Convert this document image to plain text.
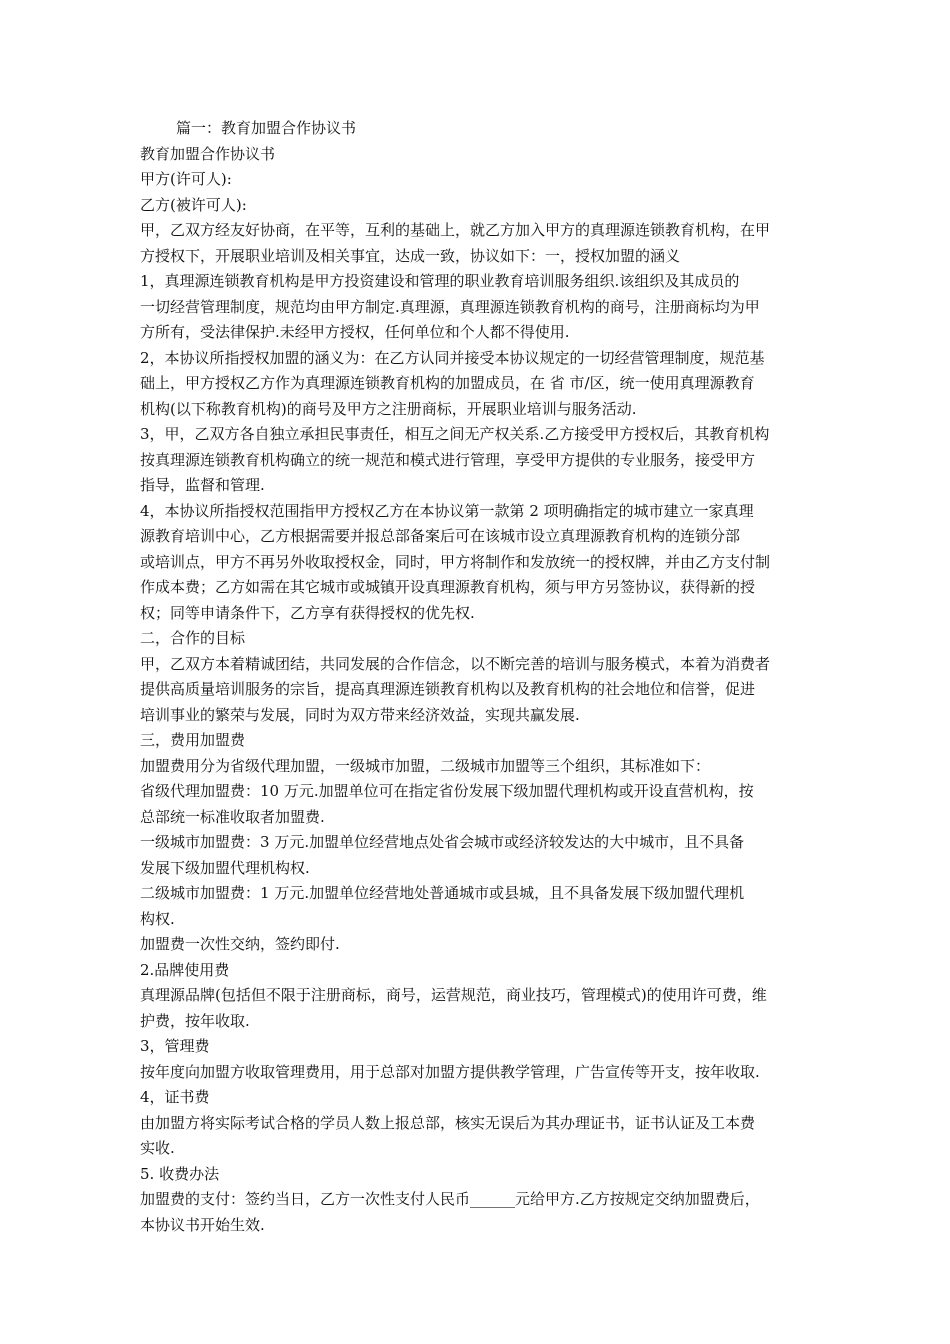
篇一：教育加盟合作协议书
教育加盟合作协议书
甲方(许可人):
乙方(被许可人):
甲，乙双方经友好协商，在平等，互利的基础上，就乙方加入甲方的真理源连锁教育机构，在甲
方授权下，开展职业培训及相关事宜，达成一致，协议如下：一，授权加盟的涵义
1，真理源连锁教育机构是甲方投资建设和管理的职业教育培训服务组织.该组织及其成员的
一切经营管理制度，规范均由甲方制定.真理源，真理源连锁教育机构的商号，注册商标均为甲
方所有，受法律保护.未经甲方授权，任何单位和个人都不得使用.
2，本协议所指授权加盟的涵义为：在乙方认同并接受本协议规定的一切经营管理制度，规范基
础上，甲方授权乙方作为真理源连锁教育机构的加盟成员，在 省 市/区，统一使用真理源教育
机构(以下称教育机构)的商号及甲方之注册商标，开展职业培训与服务活动.
3，甲，乙双方各自独立承担民事责任，相互之间无产权关系.乙方接受甲方授权后，其教育机构
按真理源连锁教育机构确立的统一规范和模式进行管理，享受甲方提供的专业服务，接受甲方
指导，监督和管理.
4，本协议所指授权范围指甲方授权乙方在本协议第一款第 2 项明确指定的城市建立一家真理
源教育培训中心，乙方根据需要并报总部备案后可在该城市设立真理源教育机构的连锁分部
或培训点，甲方不再另外收取授权金，同时，甲方将制作和发放统一的授权牌，并由乙方支付制
作成本费；乙方如需在其它城市或城镇开设真理源教育机构，须与甲方另签协议，获得新的授
权；同等申请条件下，乙方享有获得授权的优先权.
二，合作的目标
甲，乙双方本着精诚团结，共同发展的合作信念，以不断完善的培训与服务模式，本着为消费者
提供高质量培训服务的宗旨，提高真理源连锁教育机构以及教育机构的社会地位和信誉，促进
培训事业的繁荣与发展，同时为双方带来经济效益，实现共赢发展.
三，费用加盟费
加盟费用分为省级代理加盟，一级城市加盟，二级城市加盟等三个组织，其标准如下：
省级代理加盟费：10 万元.加盟单位可在指定省份发展下级加盟代理机构或开设直营机构，按
总部统一标准收取者加盟费.
一级城市加盟费：3 万元.加盟单位经营地点处省会城市或经济较发达的大中城市，且不具备
发展下级加盟代理机构权.
二级城市加盟费：1 万元.加盟单位经营地处普通城市或县城，且不具备发展下级加盟代理机
构权.
加盟费一次性交纳，签约即付.
2.品牌使用费
真理源品牌(包括但不限于注册商标，商号，运营规范，商业技巧，管理模式)的使用许可费，维
护费，按年收取.
3，管理费
按年度向加盟方收取管理费用，用于总部对加盟方提供教学管理，广告宣传等开支，按年收取.
4，证书费
由加盟方将实际考试合格的学员人数上报总部，核实无误后为其办理证书，证书认证及工本费
实收.
5. 收费办法
加盟费的支付：签约当日，乙方一次性支付人民币______元给甲方.乙方按规定交纳加盟费后，
本协议书开始生效.
